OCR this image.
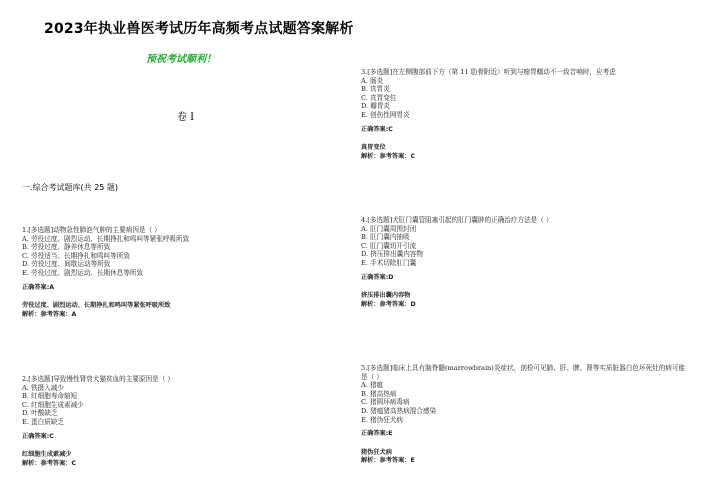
2023年执业兽医考试历年高频考点试题答案解析
预祝考试顺利！
卷 I
一.综合考试题库(共 25 题)

1.[多选题]动物急性肺泡气肿的主要病因是（ ）

A. 劳役过度、剧烈运动、长期挣扎和鸣叫等紧张呼吸所致

B. 劳役过度、静养休息等所致

C. 劳役适当、长期挣扎和鸣叫等所致

D. 劳役过度、间歇运动等所致

E. 劳役过度、剧烈运动、长期休息等所致

正确答案:A
劳役过度、剧烈运动、长期挣扎和鸣叫等紧张呼吸所致
解析：参考答案：A

2.[多选题]导致慢性肾衰犬猫贫血的主要原因是（ ）

A. 铁摄入减少

B. 红细胞寿命缩短

C. 红细胞生成素减少

D. 叶酸缺乏

E. 蛋白质缺乏

正确答案:C
红细胞生成素减少
解析：参考答案：C

3.[多选题]在左侧腹部前下方（第 11 肋骨附近）听到与瘤胃蠕动不一致音响时，应考虑

A. 肠炎

B. 真胃炎

C. 真胃变位

D. 瓣胃炎

E. 创伤性网胃炎

正确答案:C
真胃变位
解析：参考答案：C

4.[多选题]犬肛门囊管阻塞引起的肛门囊肿的正确治疗方法是（ ）

A. 肛门囊周围封闭

B. 肛门囊内抽吸

C. 肛门囊切开引流

D. 挤压排出囊内容物

E. 手术切除肛门囊

正确答案:D
挤压排出囊内容物
解析：参考答案：D

5.[多选题]临床上具有脑脊髓(marrowbrain)炎症状，剖检可见肺、肝、脾、肾等实质脏器白色坏死灶的病可能是（ ）

A. 猪瘟

B. 猪高热病

C. 猪圆环病毒病

D. 猪瘟猪高热病混合感染

E. 猪伪狂犬病

正确答案:E
猪伪狂犬病
解析：参考答案：E
